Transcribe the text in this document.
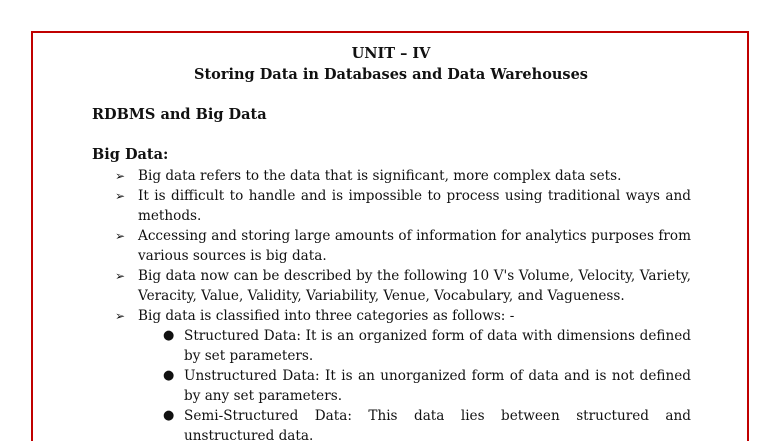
UNIT – IV
Storing Data in Databases and Data Warehouses
RDBMS and Big Data
Big Data:
➢ Big data refers to the data that is significant, more complex data sets.
➢ It is difficult to handle and is impossible to process using traditional ways and methods.
➢ Accessing and storing large amounts of information for analytics purposes from various sources is big data.
➢ Big data now can be described by the following 10 V's Volume, Velocity, Variety, Veracity, Value, Validity, Variability, Venue, Vocabulary, and Vagueness.
➢ Big data is classified into three categories as follows: -
● Structured Data: It is an organized form of data with dimensions defined by set parameters.
● Unstructured Data: It is an unorganized form of data and is not defined by any set parameters.
● Semi-Structured Data: This data lies between structured and unstructured data.
